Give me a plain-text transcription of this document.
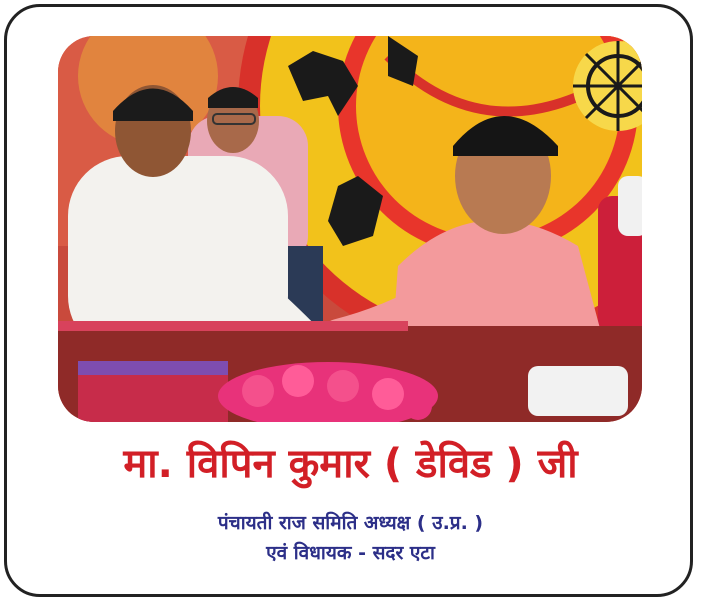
मा. विपिन कुमार ( डेविड ) जी
पंचायती राज समिति अध्यक्ष ( उ.प्र. )
एवं विधायक - सदर एटा
